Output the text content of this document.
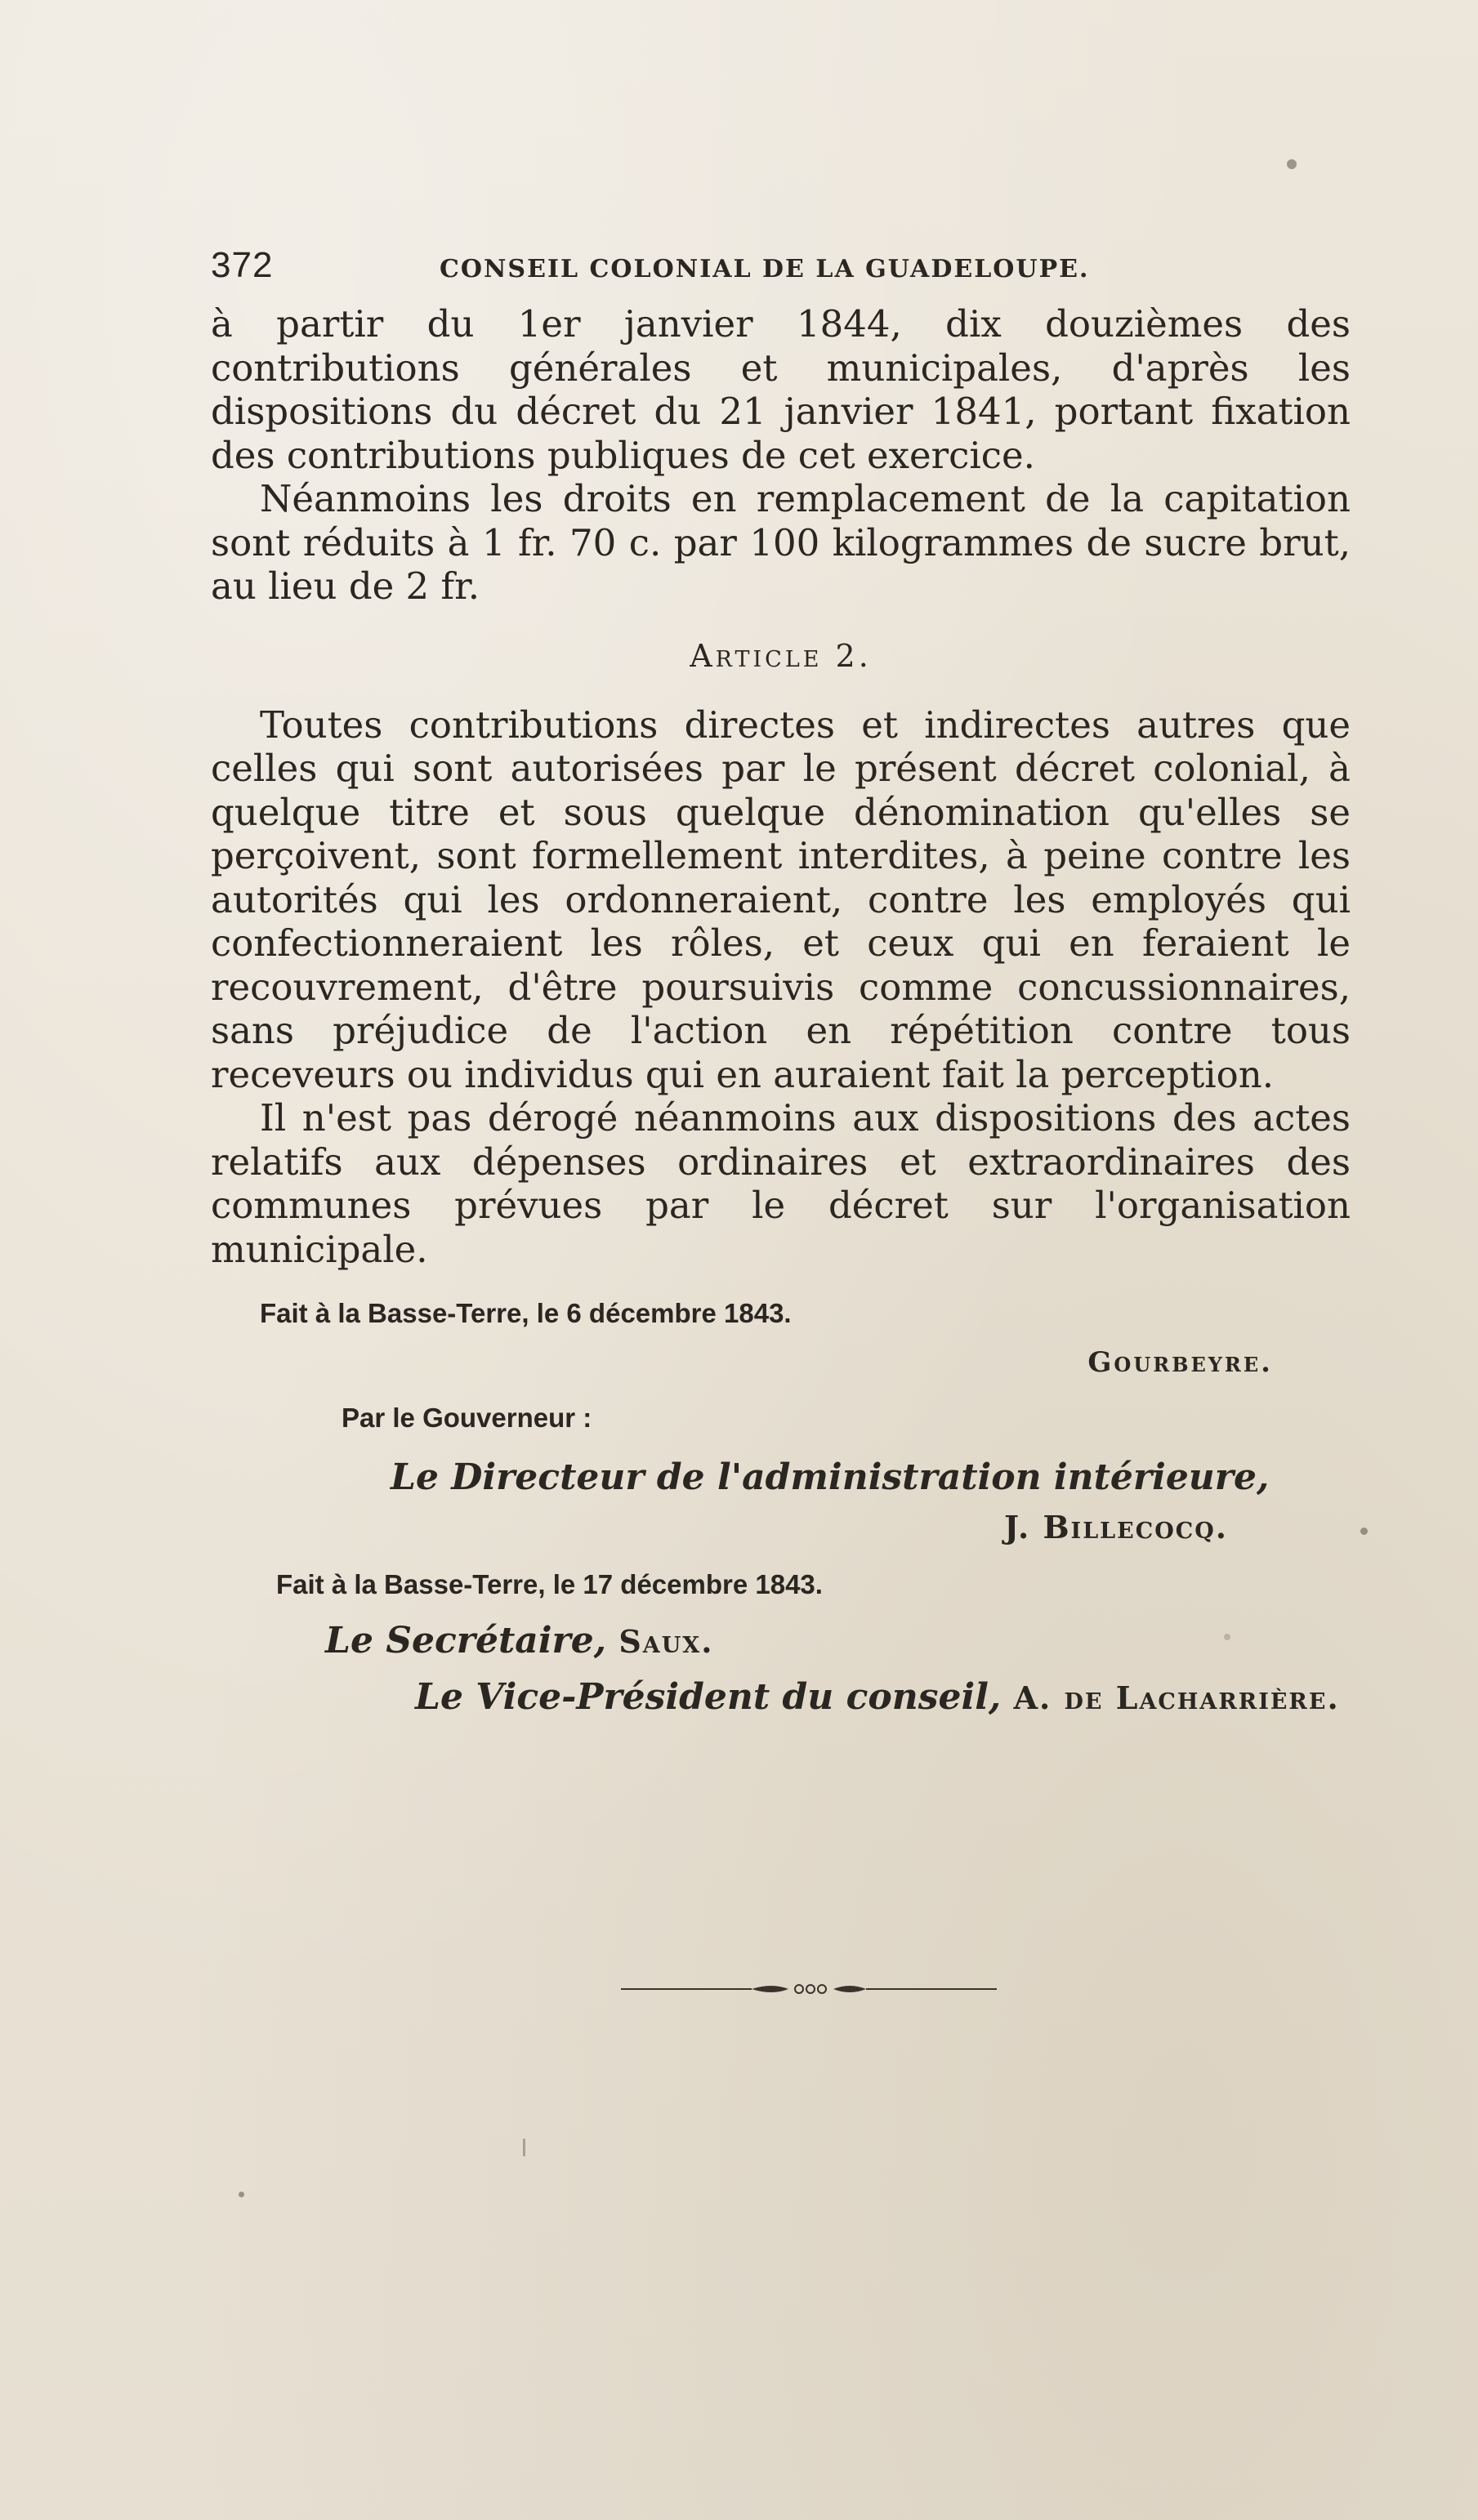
372	CONSEIL COLONIAL DE LA GUADELOUPE.

à partir du 1er janvier 1844, dix douzièmes des contributions générales et municipales, d'après les dispositions du décret du 21 janvier 1841, portant fixation des contributions publiques de cet exercice.

Néanmoins les droits en remplacement de la capitation sont réduits à 1 fr. 70 c. par 100 kilogrammes de sucre brut, au lieu de 2 fr.

Article 2.

Toutes contributions directes et indirectes autres que celles qui sont autorisées par le présent décret colonial, à quelque titre et sous quelque dénomination qu'elles se perçoivent, sont formellement interdites, à peine contre les autorités qui les ordonneraient, contre les employés qui confectionneraient les rôles, et ceux qui en feraient le recouvrement, d'être poursuivis comme concussionnaires, sans préjudice de l'action en répétition contre tous receveurs ou individus qui en auraient fait la perception.

Il n'est pas dérogé néanmoins aux dispositions des actes relatifs aux dépenses ordinaires et extraordinaires des communes prévues par le décret sur l'organisation municipale.

Fait à la Basse-Terre, le 6 décembre 1843.
Gourbeyre.
Par le Gouverneur :
Le Directeur de l'administration intérieure,
J. Billecocq.
Fait à la Basse-Terre, le 17 décembre 1843.
Le Secrétaire, Saux.
Le Vice-Président du conseil, A. de Lacharrière.
